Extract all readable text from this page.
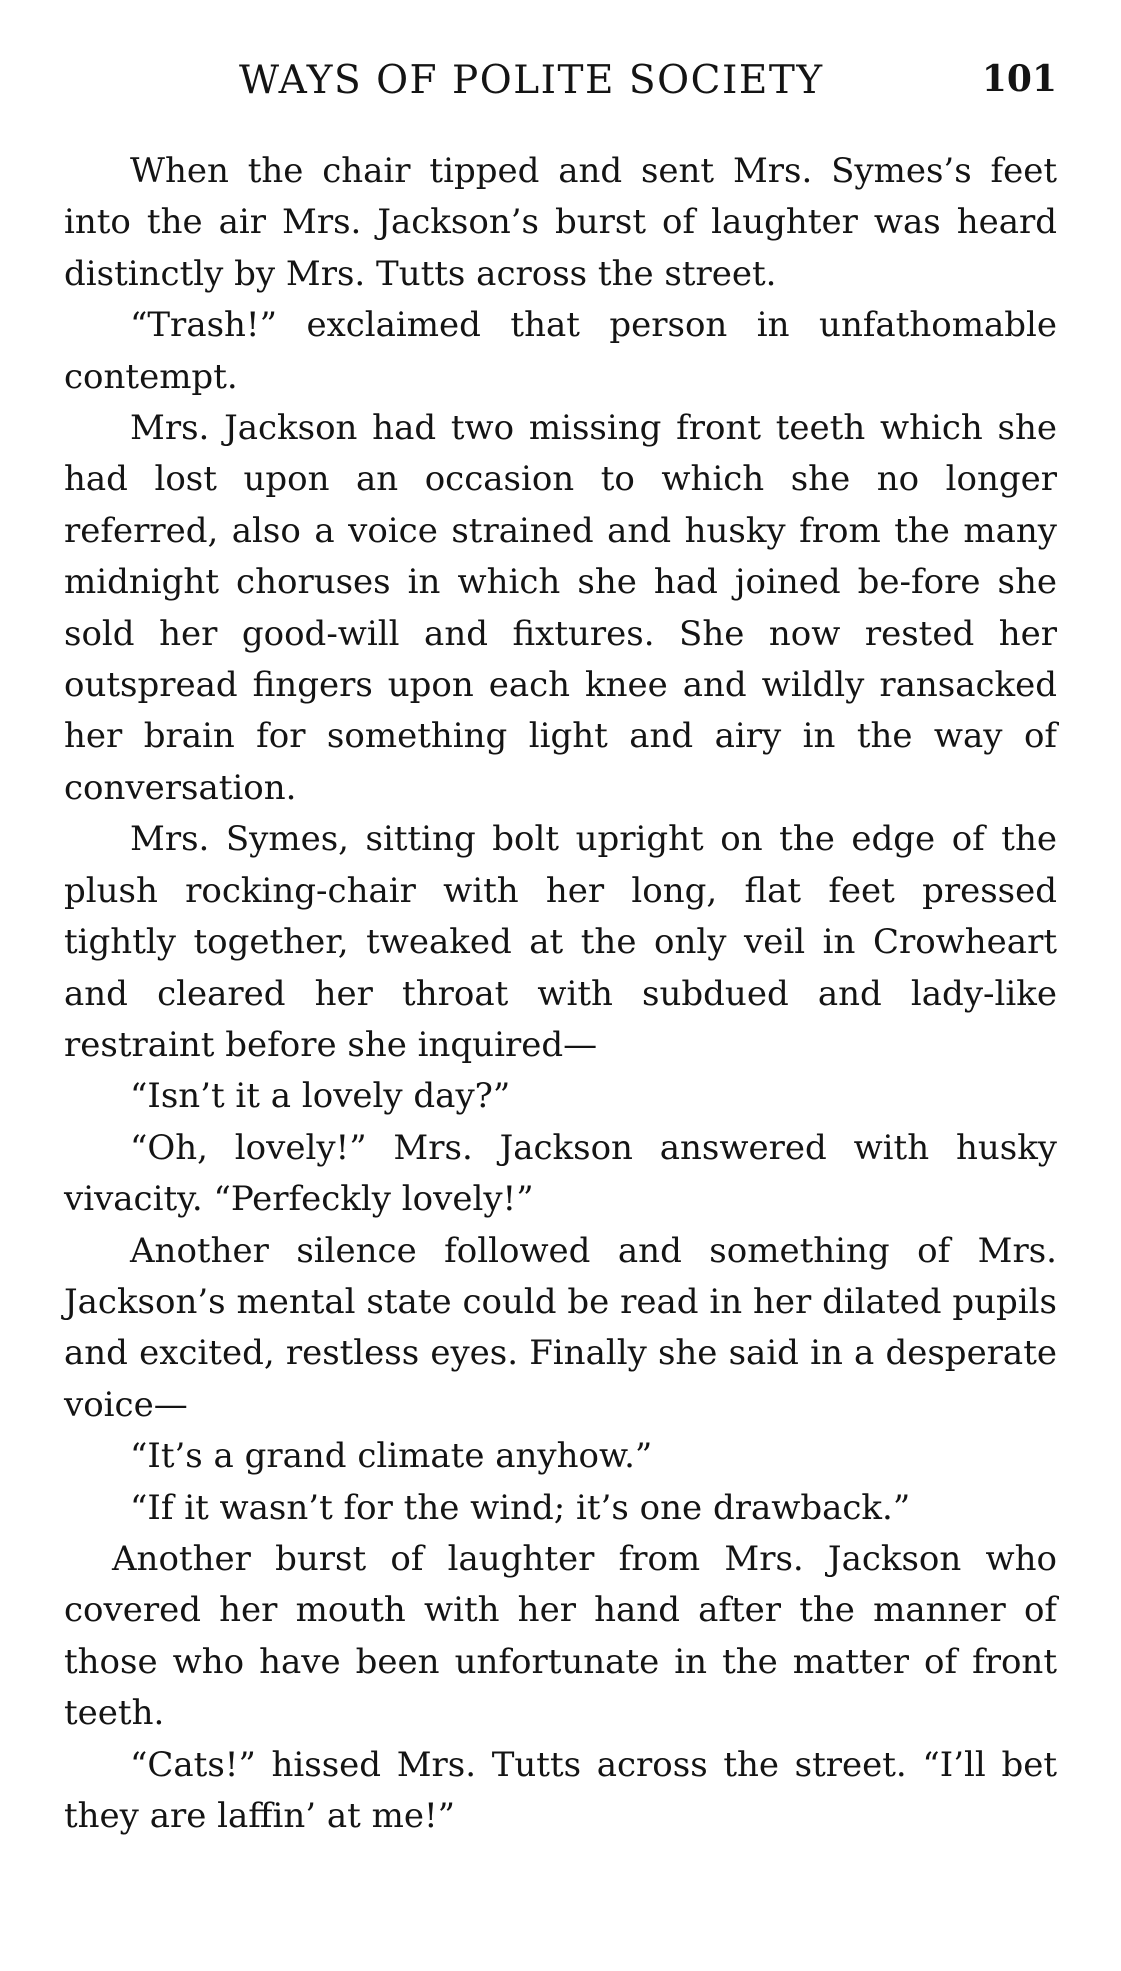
WAYS OF POLITE SOCIETY	101

When the chair tipped and sent Mrs. Symes’s feet into the air Mrs. Jackson’s burst of laughter was heard distinctly by Mrs. Tutts across the street.

“Trash!” exclaimed that person in unfathomable contempt.

Mrs. Jackson had two missing front teeth which she had lost upon an occasion to which she no longer referred, also a voice strained and husky from the many midnight choruses in which she had joined be-fore she sold her good-will and fixtures. She now rested her outspread fingers upon each knee and wildly ransacked her brain for something light and airy in the way of conversation.

Mrs. Symes, sitting bolt upright on the edge of the plush rocking-chair with her long, flat feet pressed tightly together, tweaked at the only veil in Crowheart and cleared her throat with subdued and lady-like restraint before she inquired—

“Isn’t it a lovely day?”

“Oh, lovely!” Mrs. Jackson answered with husky vivacity. “Perfeckly lovely!”

Another silence followed and something of Mrs. Jackson’s mental state could be read in her dilated pupils and excited, restless eyes. Finally she said in a desperate voice—

“It’s a grand climate anyhow.”

“If it wasn’t for the wind; it’s one drawback.”

Another burst of laughter from Mrs. Jackson who covered her mouth with her hand after the manner of those who have been unfortunate in the matter of front teeth.

“Cats!” hissed Mrs. Tutts across the street. “I’ll bet they are laffin’ at me!”
